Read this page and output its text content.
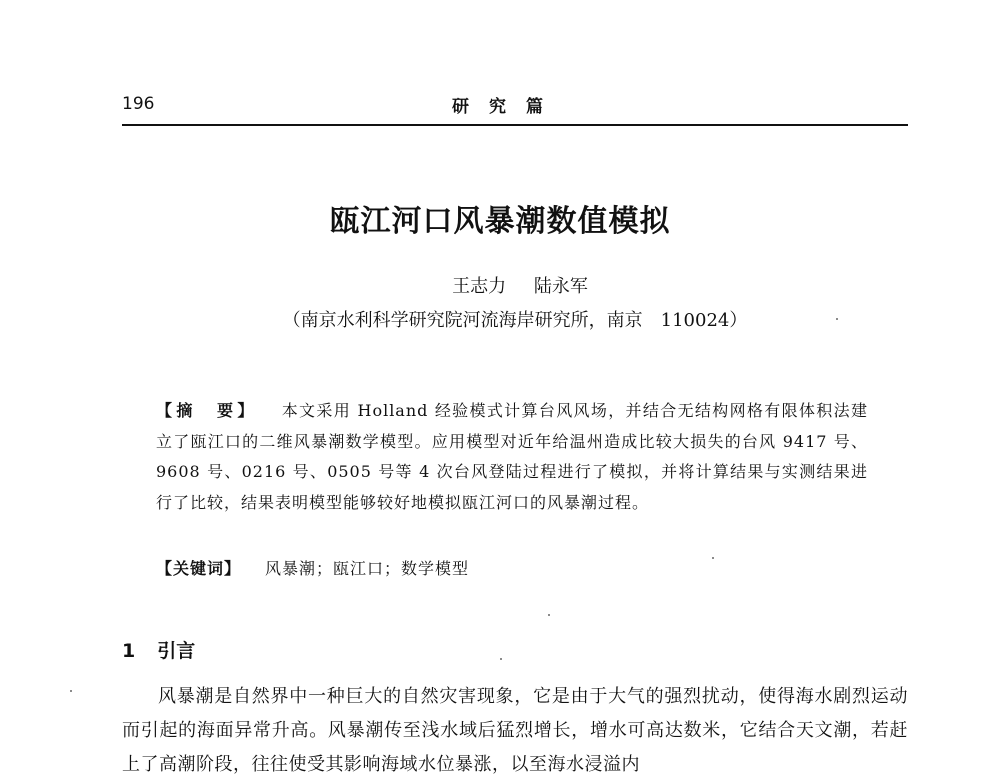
196	研究篇
瓯江河口风暴潮数值模拟
王志力 陆永军
（南京水利科学研究院河流海岸研究所，南京　110024）
【摘　要】 本文采用 Holland 经验模式计算台风风场，并结合无结构网格有限体积法建立了瓯江口的二维风暴潮数学模型。应用模型对近年给温州造成比较大损失的台风 9417 号、9608 号、0216 号、0505 号等 4 次台风登陆过程进行了模拟，并将计算结果与实测结果进行了比较，结果表明模型能够较好地模拟瓯江河口的风暴潮过程。
【关键词】 风暴潮；瓯江口；数学模型
1 引言
风暴潮是自然界中一种巨大的自然灾害现象，它是由于大气的强烈扰动，使得海水剧烈运动而引起的海面异常升高。风暴潮传至浅水域后猛烈增长，增水可高达数米，它结合天文潮，若赶上了高潮阶段，往往使受其影响海域水位暴涨，以至海水浸溢内
